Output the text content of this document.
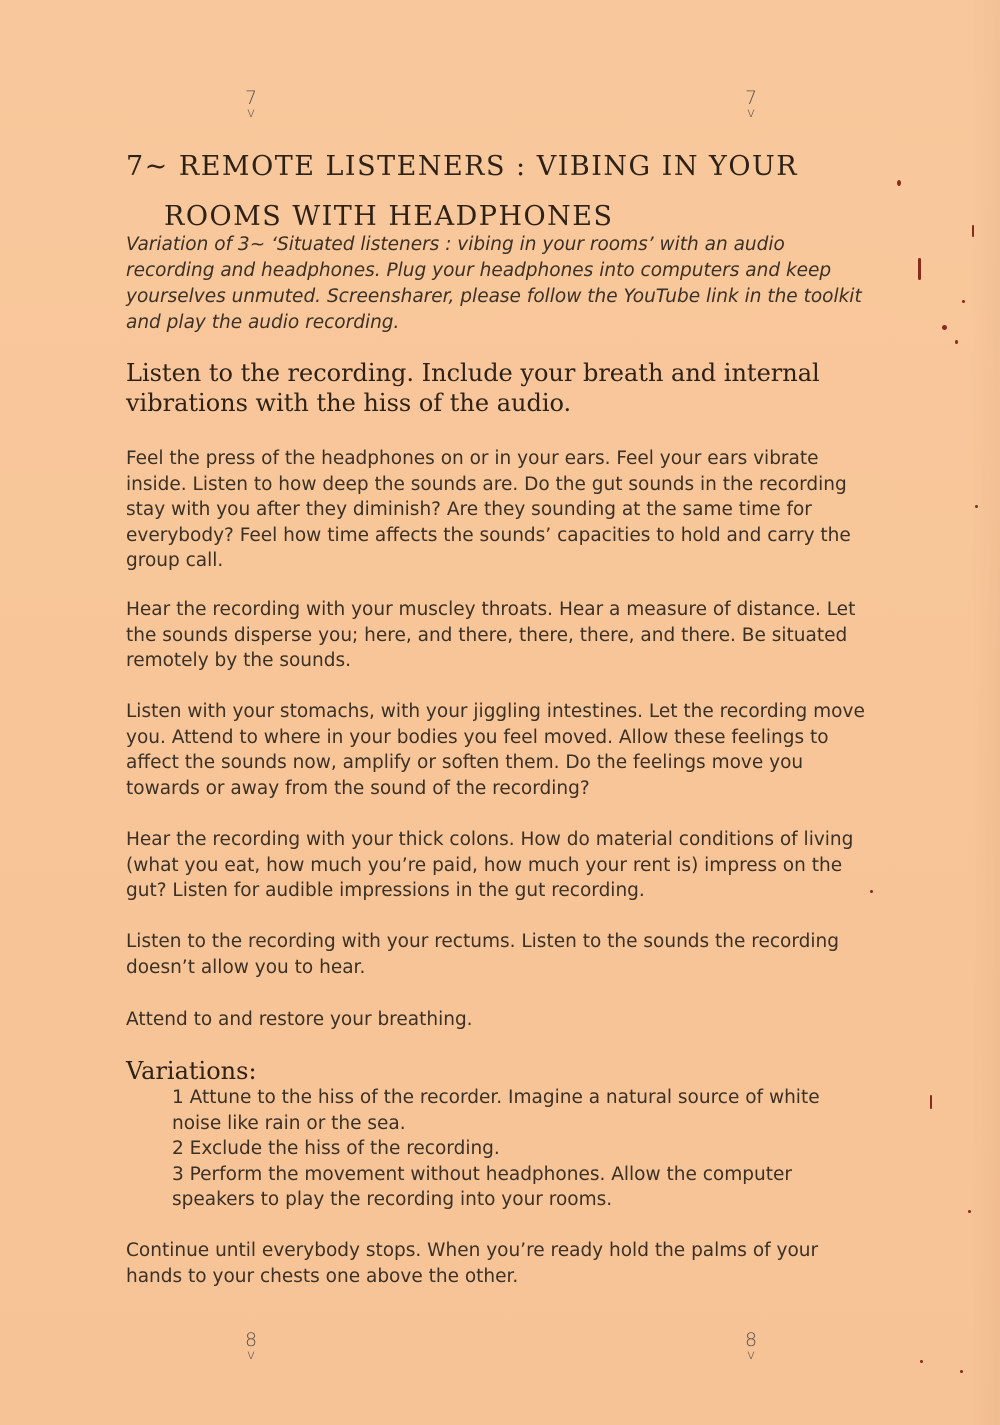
7
v
7
v
7~ REMOTE LISTENERS : VIBING IN YOUR
ROOMS WITH HEADPHONES

Variation of 3~ ‘Situated listeners : vibing in your rooms’ with an audio recording and headphones. Plug your headphones into computers and keep yourselves unmuted. Screensharer, please follow the YouTube link in the toolkit and play the audio recording.

Listen to the recording. Include your breath and internal vibrations with the hiss of the audio.

Feel the press of the headphones on or in your ears. Feel your ears vibrate inside. Listen to how deep the sounds are. Do the gut sounds in the recording stay with you after they diminish? Are they sounding at the same time for everybody? Feel how time affects the sounds’ capacities to hold and carry the group call.

Hear the recording with your muscley throats. Hear a measure of distance. Let the sounds disperse you; here, and there, there, there, and there. Be situated remotely by the sounds.

Listen with your stomachs, with your jiggling intestines. Let the recording move you. Attend to where in your bodies you feel moved. Allow these feelings to affect the sounds now, amplify or soften them. Do the feelings move you towards or away from the sound of the recording?

Hear the recording with your thick colons. How do material conditions of living (what you eat, how much you’re paid, how much your rent is) impress on the gut? Listen for audible impressions in the gut recording.

Listen to the recording with your rectums. Listen to the sounds the recording doesn’t allow you to hear.

Attend to and restore your breathing.

Variations:
1 Attune to the hiss of the recorder. Imagine a natural source of white noise like rain or the sea.
2 Exclude the hiss of the recording.
3 Perform the movement without headphones. Allow the computer speakers to play the recording into your rooms.

Continue until everybody stops. When you’re ready hold the palms of your hands to your chests one above the other.

8
v
8
v
